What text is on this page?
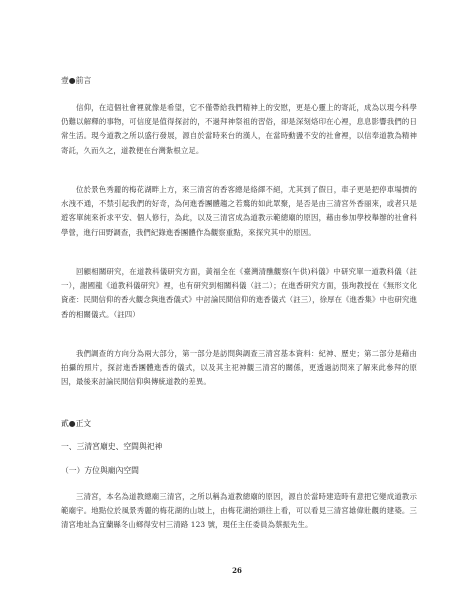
壹●前言

信仰，在這個社會裡就像是希望，它不僅帶給我們精神上的安慰，更是心靈上的寄託，成為以現今科學仍難以解釋的事物，可信度是值得探討的，不過拜神祭祖的習俗，卻是深刻烙印在心裡，息息影響我們的日常生活。現今道教之所以盛行發展，源自於當時來台的漢人，在當時動盪不安的社會裡，以信奉道教為精神寄託，久而久之，道教便在台灣紮根立足。

位於景色秀麗的梅花湖畔上方，來三清宮的香客總是絡繹不絕，尤其到了假日，車子更是把停車場擠的水洩不通，不禁引起我們的好奇，為何進香團體趨之若鶩的如此眾聚，是否是由三清宮外香丽來，或者只是遊客單純來祈求平安、個人修行，為此，以及三清宮成為道教示範總廟的原因，藉由參加學校舉辦的社會科學營，進行田野調查，我們紀錄進香團體作為觀察重點，來探究其中的原因。

回顧相關研究，在道教科儀研究方面，黃福全在《臺灣清醮觀察(午供)科儀》中研究單一道教科儀（註一），謝國龍《道教科儀研究》裡，也有研究到相關科儀（註二）；在進香研究方面，張珣教授在《無形文化資產：民間信仰的香火觀念與進香儀式》中討論民間信仰的進香儀式（註三），徐厚在《進香集》中也研究進香的相關儀式。（註四）

我們調查的方向分為兩大部分，第一部分是訪問與調查三清宮基本資料：紀神、歷史；第二部分是藉由拍攝的照片，探討進香團體進香的儀式，以及其主祀神觀三清宮的關係，更透過訪問來了解來此參拜的原因，最後來討論民間信仰與傳統道教的差異。

貳●正文

一、三清宮廟史、空間與祀神

（一）方位與廟內空間

三清宮，本名為道教總廟三清宮，之所以稱為道教總廟的原因，源自於當時建造時有意把它變成道教示範廟宇。地點位於風景秀麗的梅花湖的山坡上，由梅花湖抬頭往上看，可以看見三清宮雄偉壯觀的建築。三清宮地址為宜蘭縣冬山鄉得安村三清路 123 號，現任主任委員為蔡振先生。

26
